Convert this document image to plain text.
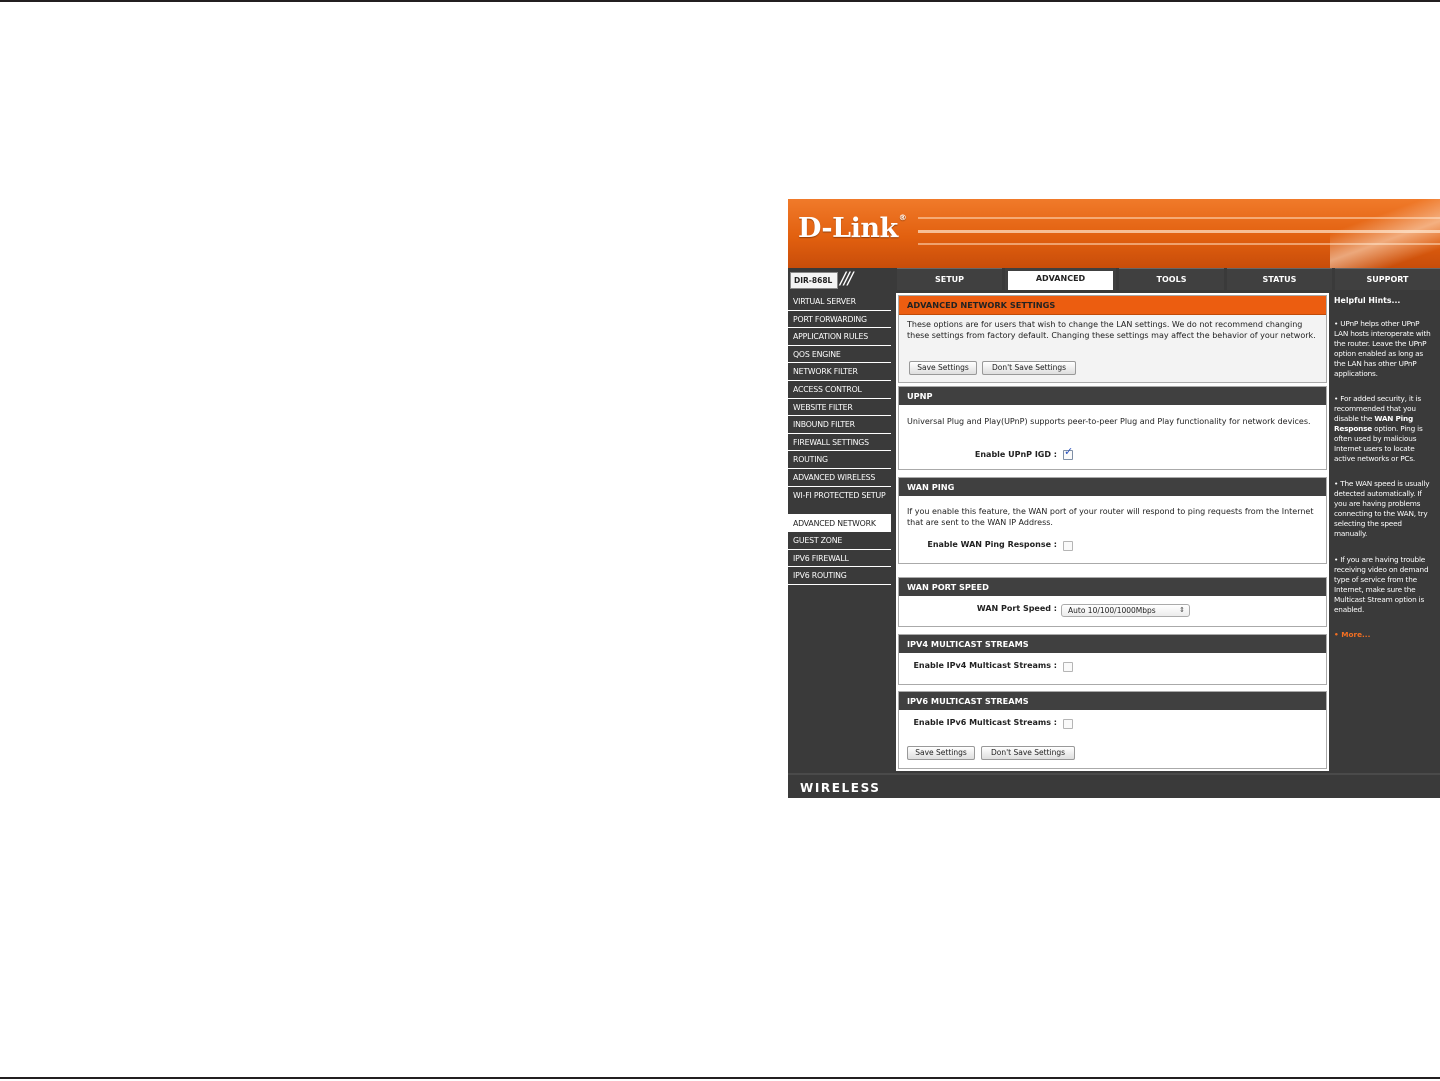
D-Link®
DIR-868L ///	SETUP	ADVANCED	TOOLS	STATUS	SUPPORT
VIRTUAL SERVER
PORT FORWARDING
APPLICATION RULES
QOS ENGINE
NETWORK FILTER
ACCESS CONTROL
WEBSITE FILTER
INBOUND FILTER
FIREWALL SETTINGS
ROUTING
ADVANCED WIRELESS
WI-FI PROTECTED SETUP
ADVANCED NETWORK
GUEST ZONE
IPV6 FIREWALL
IPV6 ROUTING
ADVANCED NETWORK SETTINGS
These options are for users that wish to change the LAN settings. We do not recommend changing these settings from factory default. Changing these settings may affect the behavior of your network.
Save Settings	Don't Save Settings
UPNP
Universal Plug and Play(UPnP) supports peer-to-peer Plug and Play functionality for network devices.
Enable UPnP IGD :
✓
WAN PING
If you enable this feature, the WAN port of your router will respond to ping requests from the Internet that are sent to the WAN IP Address.
Enable WAN Ping Response :
WAN PORT SPEED
WAN Port Speed :	Auto 10/100/1000Mbps	⇕
IPV4 MULTICAST STREAMS
Enable IPv4 Multicast Streams :
IPV6 MULTICAST STREAMS
Enable IPv6 Multicast Streams :
Save Settings	Don't Save Settings
Helpful Hints...
• UPnP helps other UPnP LAN hosts interoperate with the router. Leave the UPnP option enabled as long as the LAN has other UPnP applications.
• For added security, it is recommended that you disable the WAN Ping Response option. Ping is often used by malicious Internet users to locate active networks or PCs.
• The WAN speed is usually detected automatically. If you are having problems connecting to the WAN, try selecting the speed manually.
• If you are having trouble receiving video on demand type of service from the Internet, make sure the Multicast Stream option is enabled.
• More...
WIRELESS
